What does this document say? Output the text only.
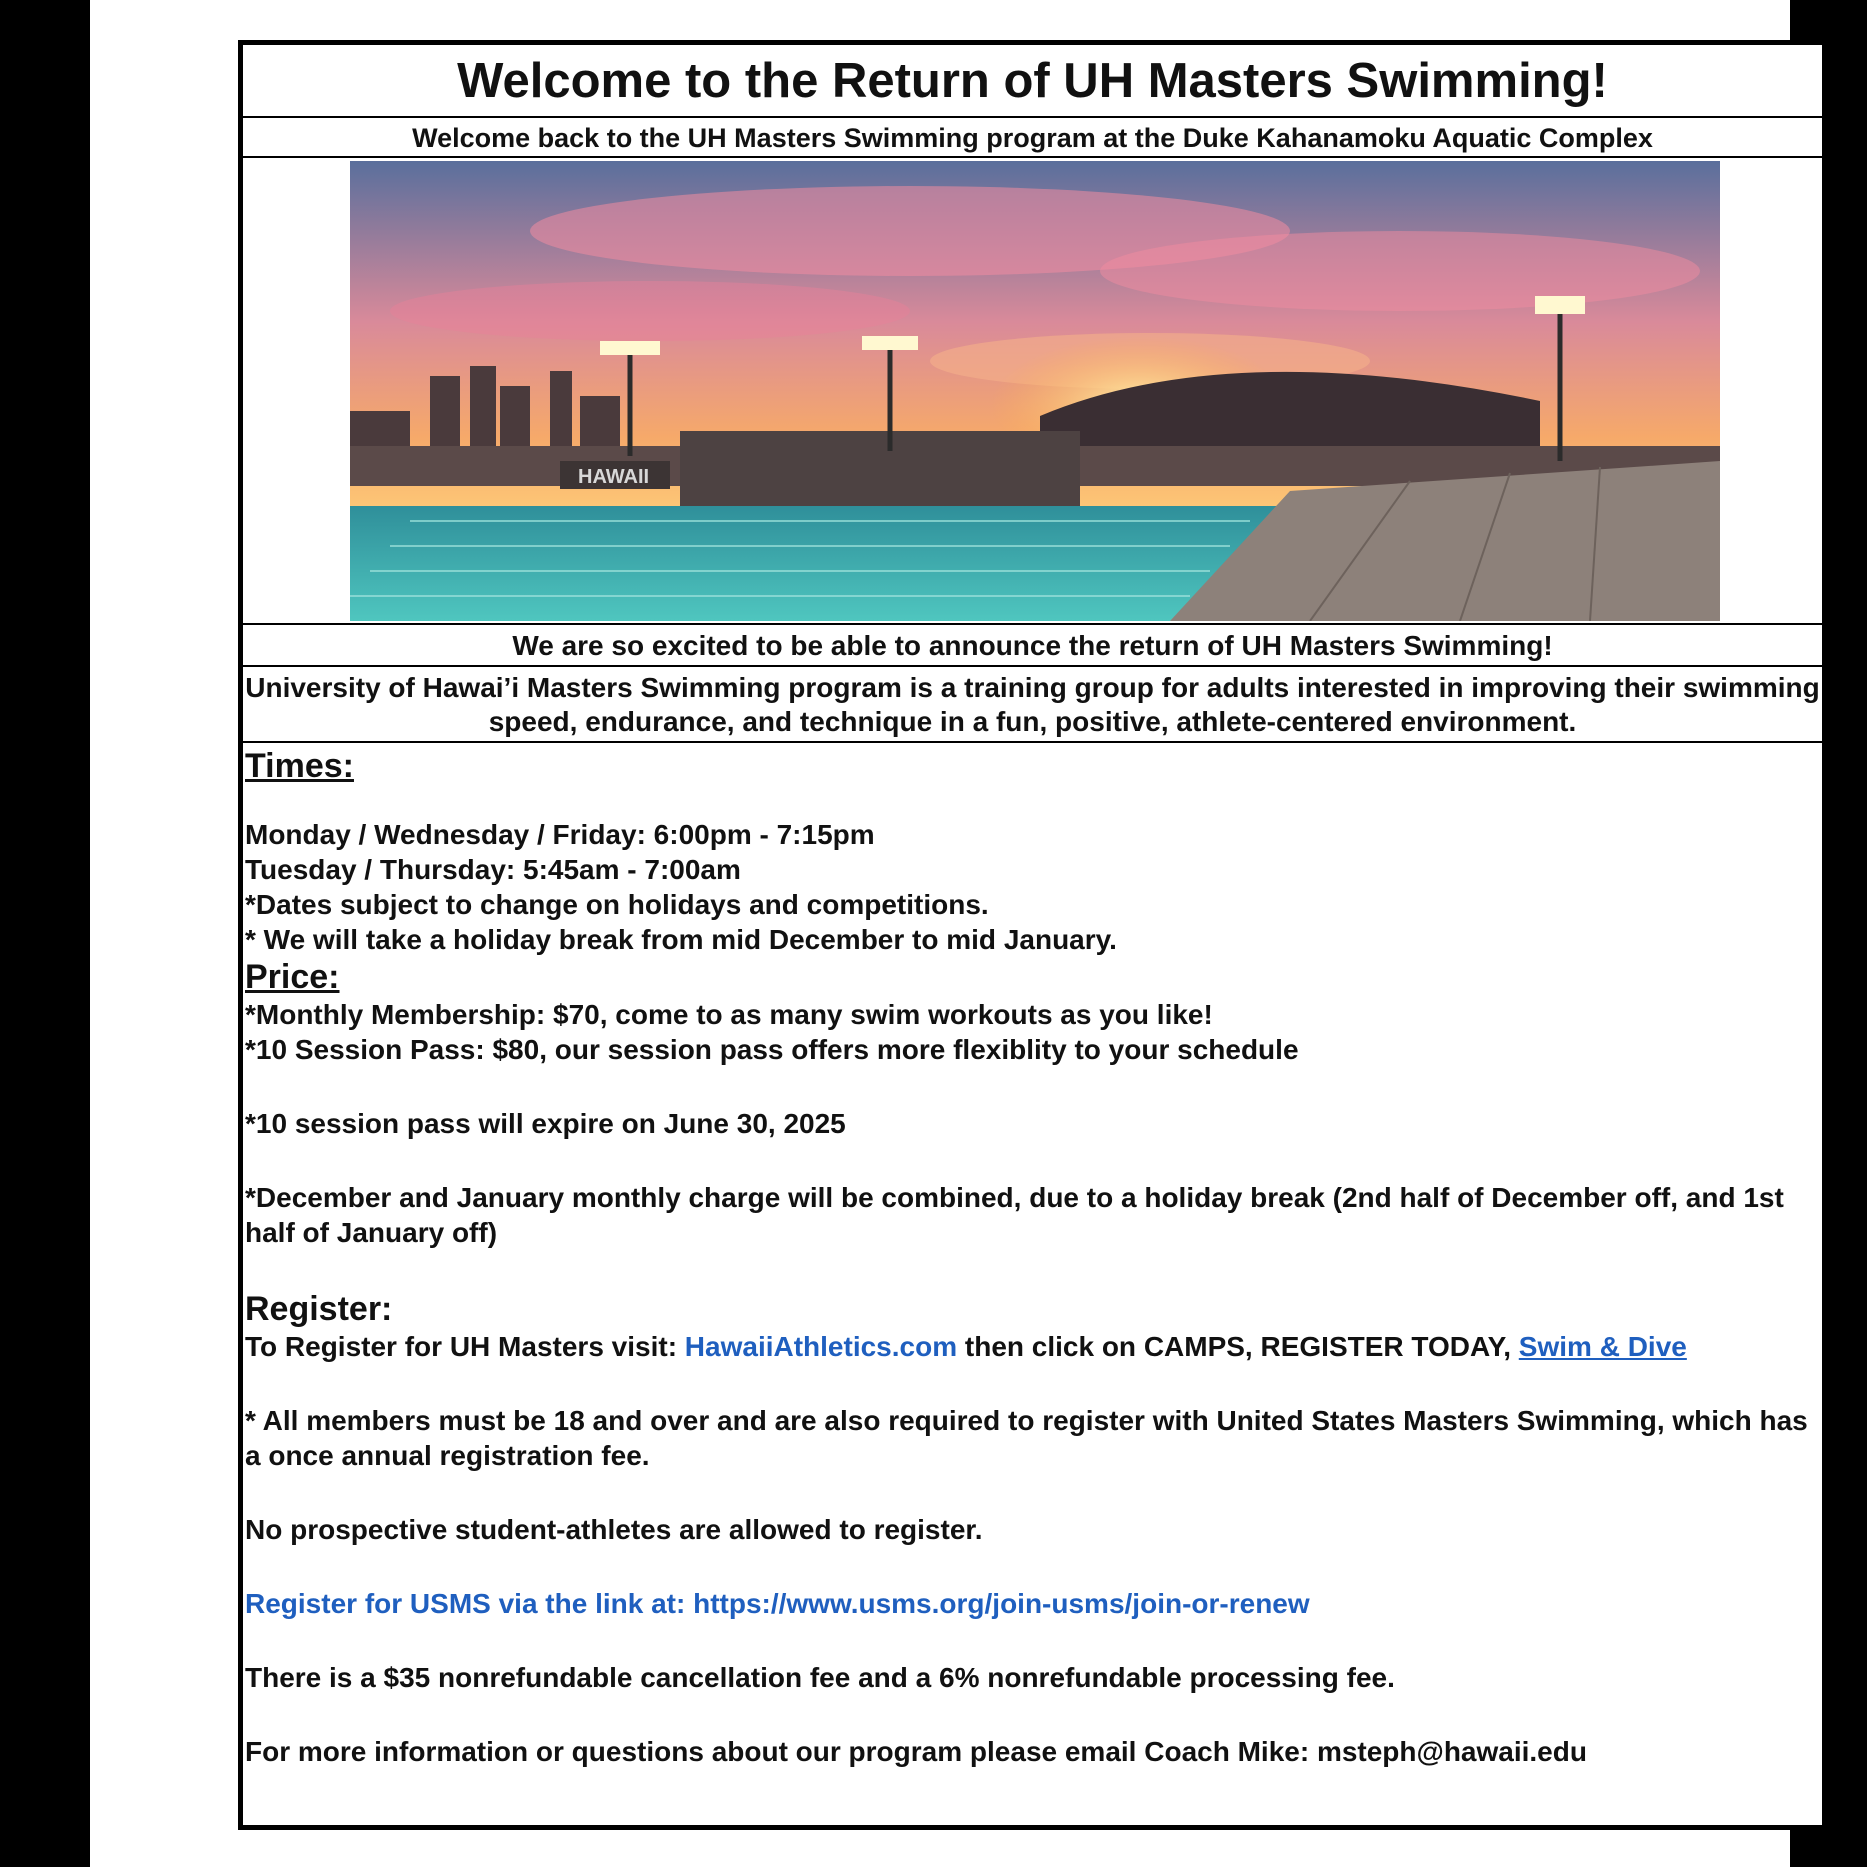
Welcome to the Return of UH Masters Swimming!
Welcome back to the UH Masters Swimming program at the Duke Kahanamoku Aquatic Complex
HAWAII
We are so excited to be able to announce the return of UH Masters Swimming!
University of Hawai’i Masters Swimming program is a training group for adults interested in improving their swimming speed, endurance, and technique in a fun, positive, athlete-centered environment.
Times:
Monday / Wednesday / Friday: 6:00pm - 7:15pm
Tuesday / Thursday: 5:45am - 7:00am
*Dates subject to change on holidays and competitions.
* We will take a holiday break from mid December to mid January.
Price:
*Monthly Membership: $70, come to as many swim workouts as you like!
*10 Session Pass: $80, our session pass offers more flexiblity to your schedule
*10 session pass will expire on June 30, 2025
*December and January monthly charge will be combined, due to a holiday break (2nd half of December off, and 1st half of January off)
Register:
To Register for UH Masters visit: HawaiiAthletics.com then click on CAMPS, REGISTER TODAY, Swim & Dive
* All members must be 18 and over and are also required to register with United States Masters Swimming, which has a once annual registration fee.
No prospective student-athletes are allowed to register.
Register for USMS via the link at: https://www.usms.org/join-usms/join-or-renew
There is a $35 nonrefundable cancellation fee and a 6% nonrefundable processing fee.
For more information or questions about our program please email Coach Mike: msteph@hawaii.edu
